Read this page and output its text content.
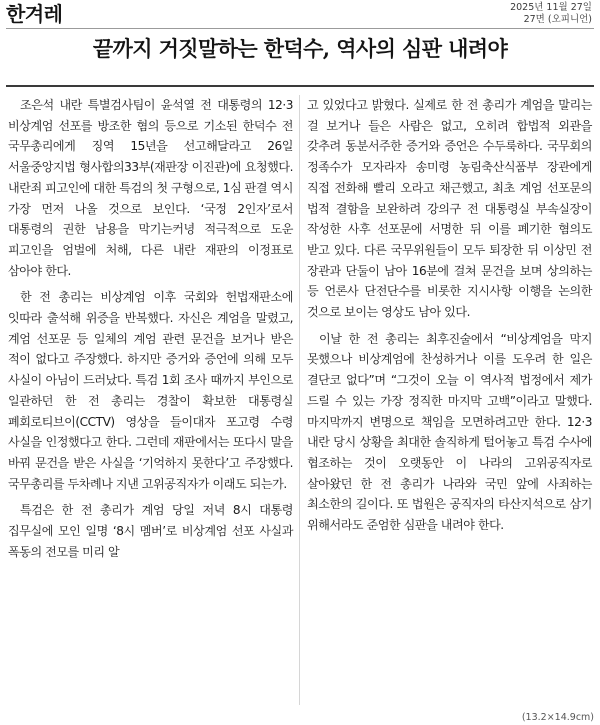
한겨레	2025년 11월 27일
27면 (오피니언)
끝까지 거짓말하는 한덕수, 역사의 심판 내려야

조은석 내란 특별검사팀이 윤석열 전 대통령의 12·3 비상계엄 선포를 방조한 혐의 등으로 기소된 한덕수 전 국무총리에게 징역 15년을 선고해달라고 26일 서울중앙지법 형사합의33부(재판장 이진관)에 요청했다. 내란죄 피고인에 대한 특검의 첫 구형으로, 1심 판결 역시 가장 먼저 나올 것으로 보인다. ‘국정 2인자’로서 대통령의 권한 남용을 막기는커녕 적극적으로 도운 피고인을 엄벌에 처해, 다른 내란 재판의 이정표로 삼아야 한다.

한 전 총리는 비상계엄 이후 국회와 헌법재판소에 잇따라 출석해 위증을 반복했다. 자신은 계엄을 말렸고, 계엄 선포문 등 일체의 계엄 관련 문건을 보거나 받은 적이 없다고 주장했다. 하지만 증거와 증언에 의해 모두 사실이 아님이 드러났다. 특검 1회 조사 때까지 부인으로 일관하던 한 전 총리는 경찰이 확보한 대통령실 폐회로티브이(CCTV) 영상을 들이대자 포고령 수령 사실을 인정했다고 한다. 그런데 재판에서는 또다시 말을 바꿔 문건을 받은 사실을 ‘기억하지 못한다’고 주장했다. 국무총리를 두차례나 지낸 고위공직자가 이래도 되는가.

특검은 한 전 총리가 계엄 당일 저녁 8시 대통령 집무실에 모인 일명 ‘8시 멤버’로 비상계엄 선포 사실과 폭동의 전모를 미리 알

고 있었다고 밝혔다. 실제로 한 전 총리가 계엄을 말리는 걸 보거나 들은 사람은 없고, 오히려 합법적 외관을 갖추려 동분서주한 증거와 증언은 수두룩하다. 국무회의 정족수가 모자라자 송미령 농림축산식품부 장관에게 직접 전화해 빨리 오라고 채근했고, 최초 계엄 선포문의 법적 결함을 보완하려 강의구 전 대통령실 부속실장이 작성한 사후 선포문에 서명한 뒤 이를 폐기한 혐의도 받고 있다. 다른 국무위원들이 모두 퇴장한 뒤 이상민 전 장관과 단둘이 남아 16분에 걸쳐 문건을 보며 상의하는 등 언론사 단전단수를 비롯한 지시사항 이행을 논의한 것으로 보이는 영상도 남아 있다.

이날 한 전 총리는 최후진술에서 “비상계엄을 막지 못했으나 비상계엄에 찬성하거나 이를 도우려 한 일은 결단코 없다”며 “그것이 오늘 이 역사적 법정에서 제가 드릴 수 있는 가장 정직한 마지막 고백”이라고 말했다. 마지막까지 변명으로 책임을 모면하려고만 한다. 12·3 내란 당시 상황을 최대한 솔직하게 털어놓고 특검 수사에 협조하는 것이 오랫동안 이 나라의 고위공직자로 살아왔던 한 전 총리가 나라와 국민 앞에 사죄하는 최소한의 길이다. 또 법원은 공직자의 타산지석으로 삼기 위해서라도 준엄한 심판을 내려야 한다.

(13.2×14.9cm)
